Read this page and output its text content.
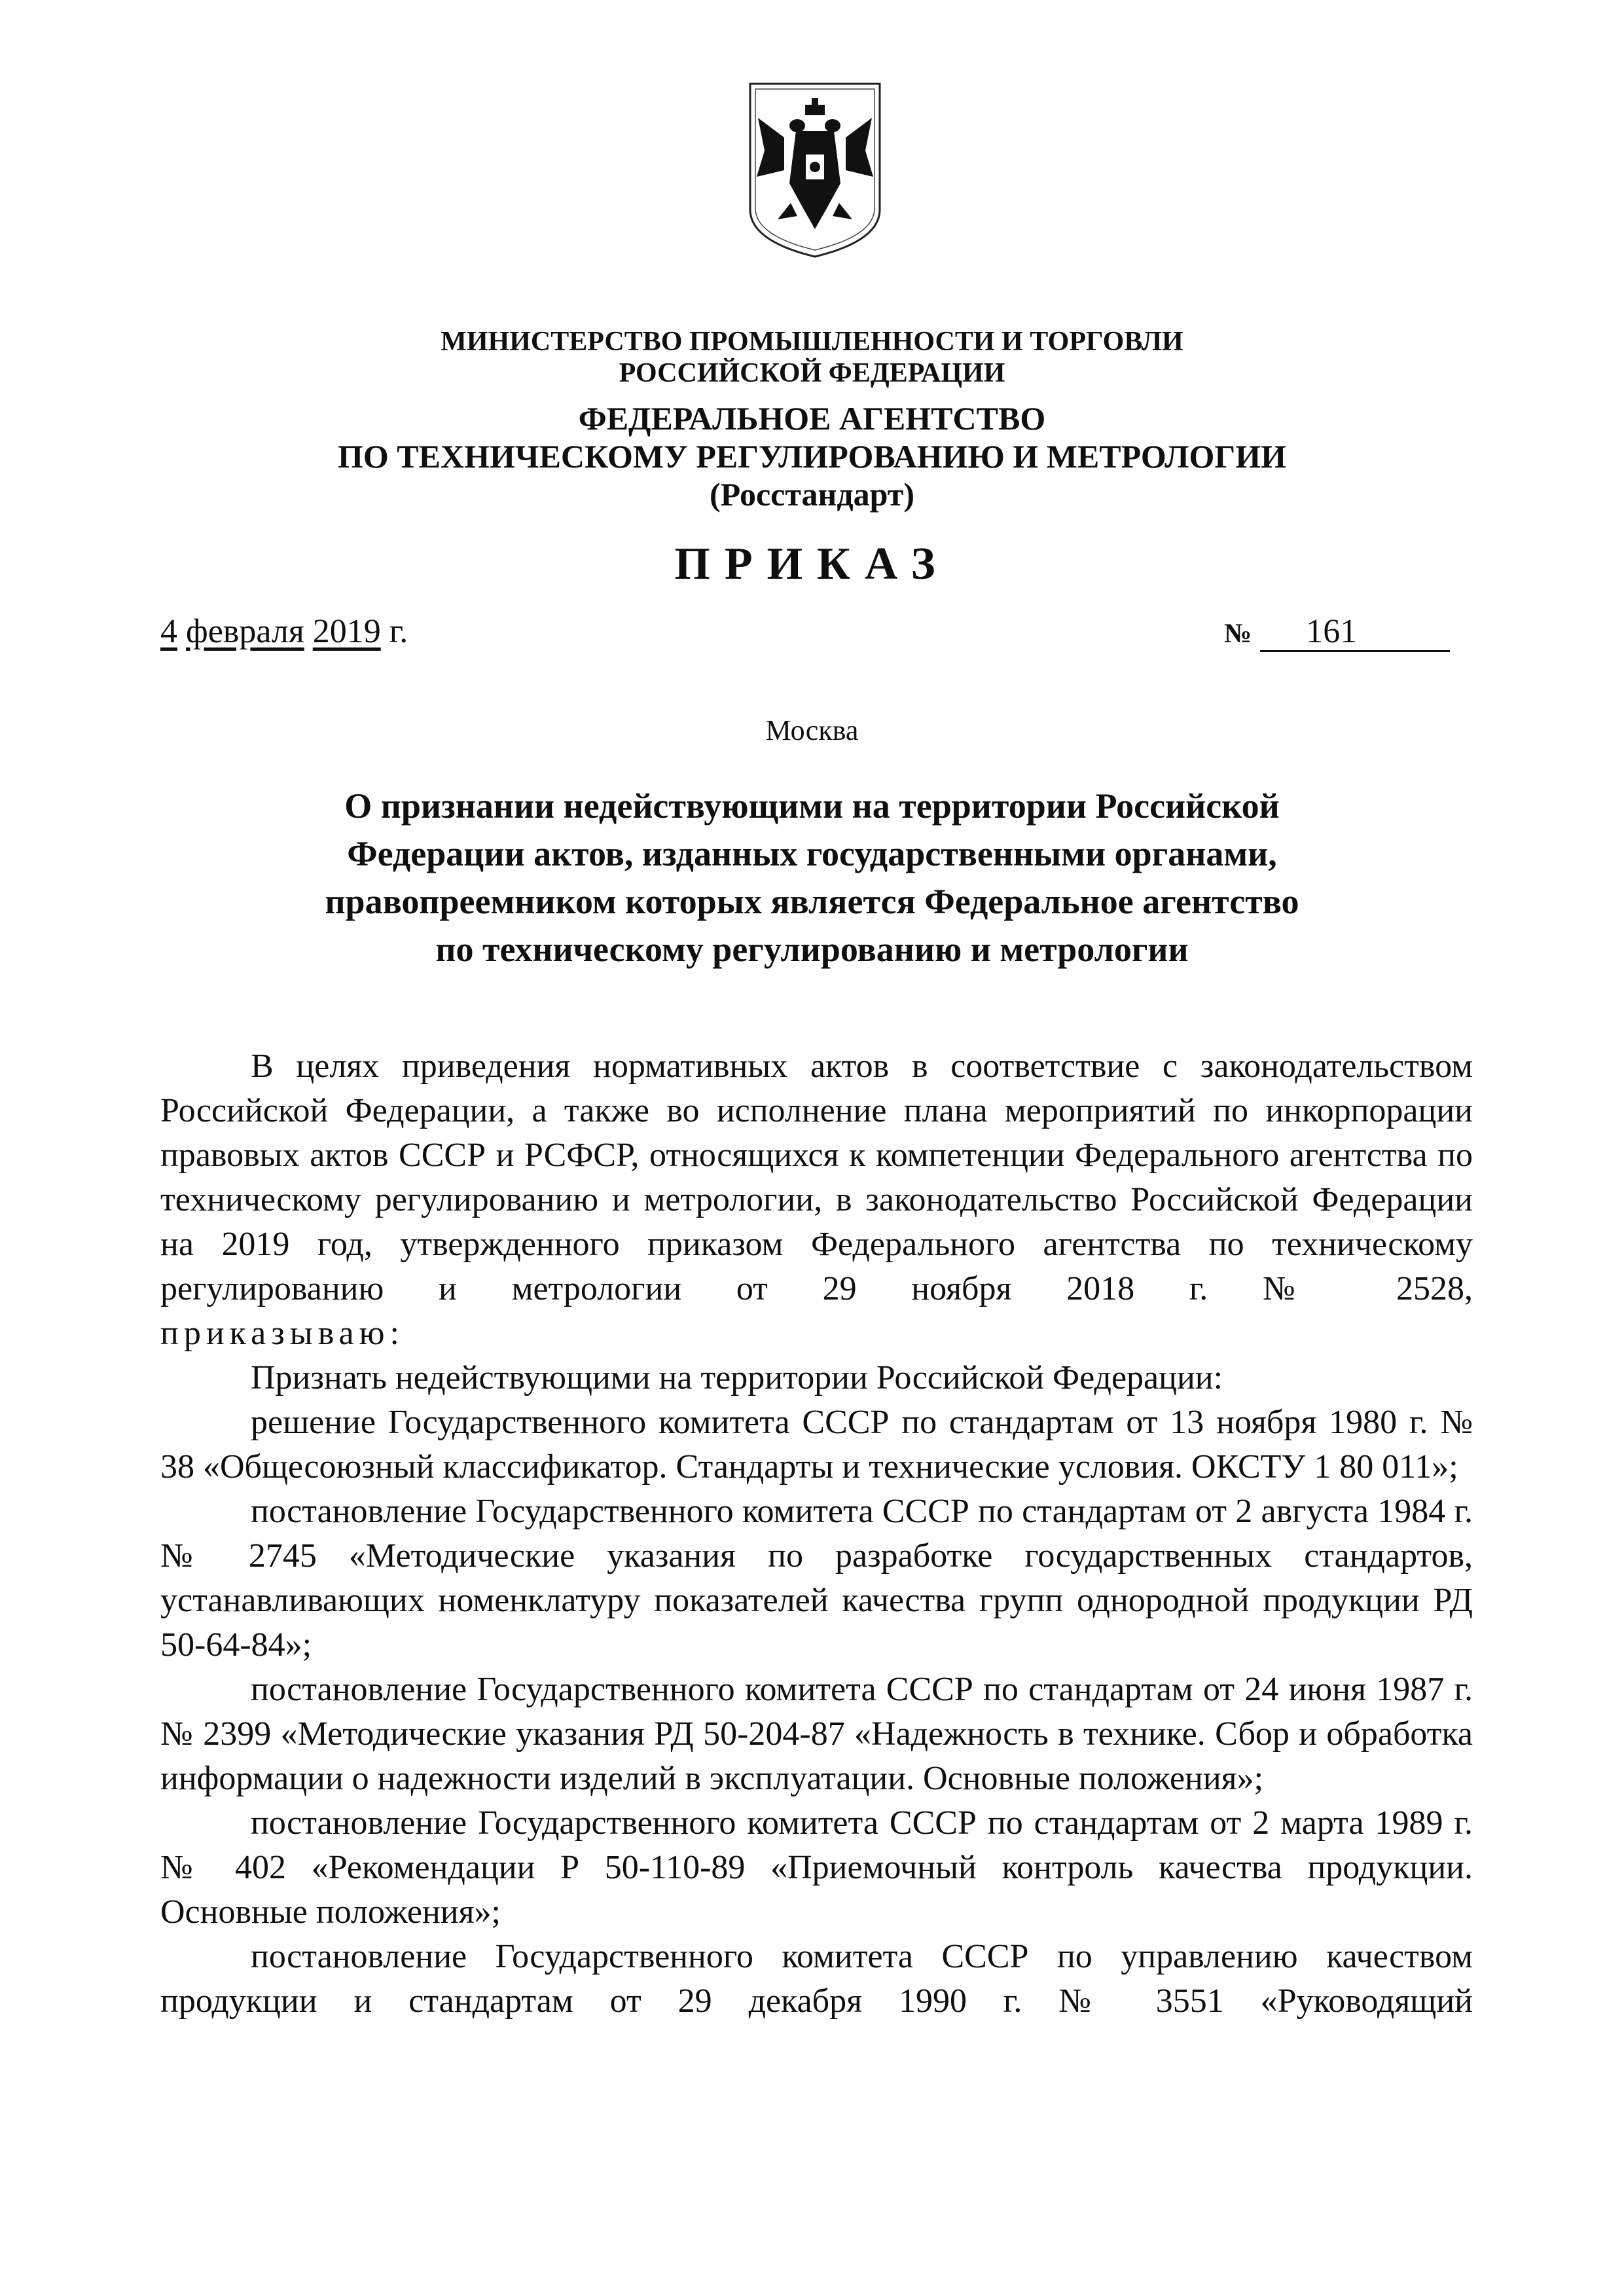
МИНИСТЕРСТВО ПРОМЫШЛЕННОСТИ И ТОРГОВЛИ
РОССИЙСКОЙ ФЕДЕРАЦИИ
ФЕДЕРАЛЬНОЕ АГЕНТСТВО
ПО ТЕХНИЧЕСКОМУ РЕГУЛИРОВАНИЮ И МЕТРОЛОГИИ
(Росстандарт)
ПРИКАЗ
4 февраля 2019 г.	№ 161
Москва
О признании недействующими на территории Российской
Федерации актов, изданных государственными органами,
правопреемником которых является Федеральное агентство
по техническому регулированию и метрологии

В целях приведения нормативных актов в соответствие с законодательством Российской Федерации, а также во исполнение плана мероприятий по инкорпорации правовых актов СССР и РСФСР, относящихся к компетенции Федерального агентства по техническому регулированию и метрологии, в законодательство Российской Федерации на 2019 год, утвержденного приказом Федерального агентства по техническому регулированию и метрологии от 29 ноября 2018 г. № 2528,

приказываю:

Признать недействующими на территории Российской Федерации:

решение Государственного комитета СССР по стандартам от 13 ноября 1980 г. № 38 «Общесоюзный классификатор. Стандарты и технические условия. ОКСТУ 1 80 011»;

постановление Государственного комитета СССР по стандартам от 2 августа 1984 г. № 2745 «Методические указания по разработке государственных стандартов, устанавливающих номенклатуру показателей качества групп однородной продукции РД 50-64-84»;

постановление Государственного комитета СССР по стандартам от 24 июня 1987 г. № 2399 «Методические указания РД 50-204-87 «Надежность в технике. Сбор и обработка информации о надежности изделий в эксплуатации. Основные положения»;

постановление Государственного комитета СССР по стандартам от 2 марта 1989 г. № 402 «Рекомендации Р 50-110-89 «Приемочный контроль качества продукции. Основные положения»;

постановление Государственного комитета СССР по управлению качеством продукции и стандартам от 29 декабря 1990 г. № 3551 «Руководящий
